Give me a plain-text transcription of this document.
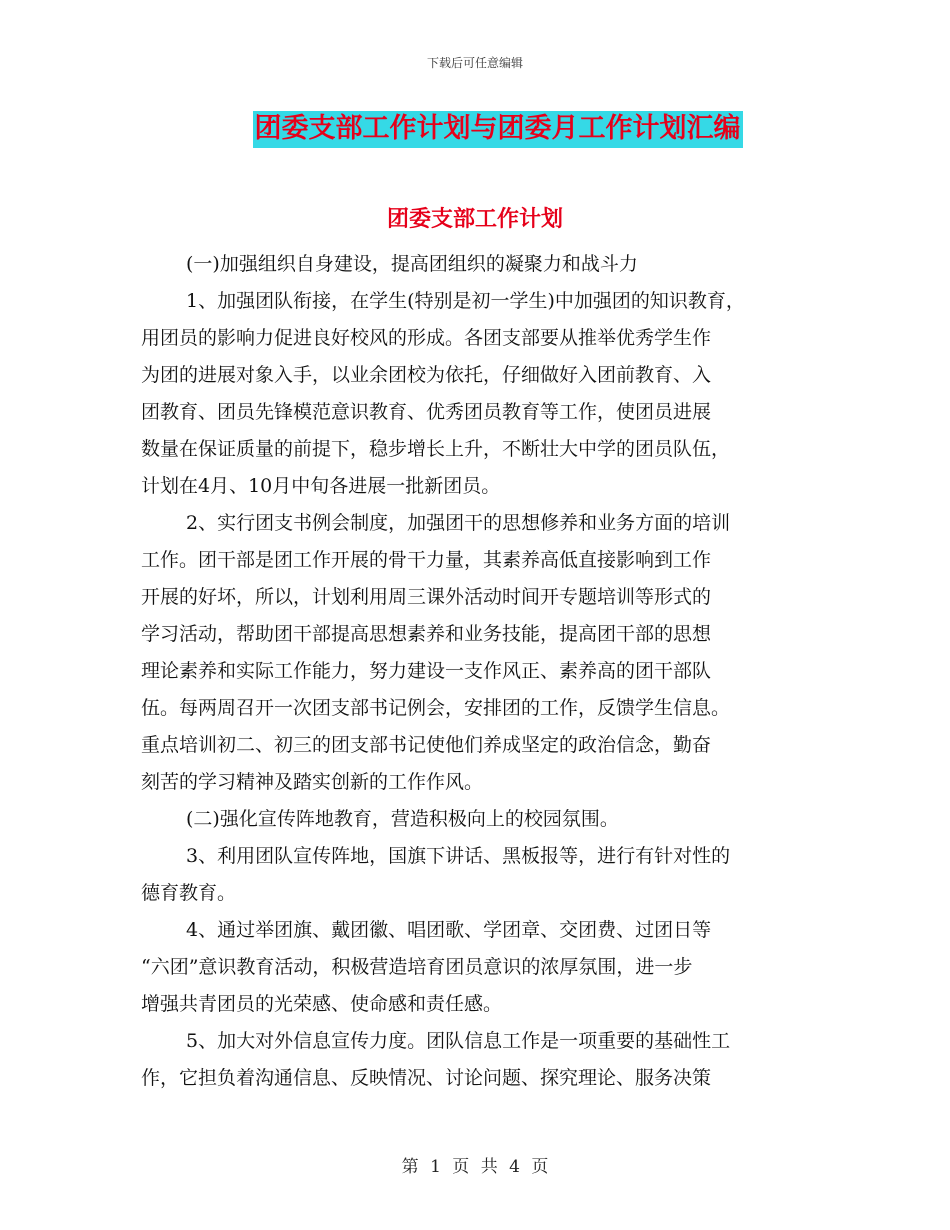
下载后可任意编辑
团委支部工作计划与团委月工作计划汇编
团委支部工作计划

(一)加强组织自身建设，提高团组织的凝聚力和战斗力

1、加强团队衔接，在学生(特别是初一学生)中加强团的知识教育，

用团员的影响力促进良好校风的形成。各团支部要从推举优秀学生作

为团的进展对象入手，以业余团校为依托，仔细做好入团前教育、入

团教育、团员先锋模范意识教育、优秀团员教育等工作，使团员进展

数量在保证质量的前提下，稳步增长上升，不断壮大中学的团员队伍，

计划在4月、10月中旬各进展一批新团员。

2、实行团支书例会制度，加强团干的思想修养和业务方面的培训

工作。团干部是团工作开展的骨干力量，其素养高低直接影响到工作

开展的好坏，所以，计划利用周三课外活动时间开专题培训等形式的

学习活动，帮助团干部提高思想素养和业务技能，提高团干部的思想

理论素养和实际工作能力，努力建设一支作风正、素养高的团干部队

伍。每两周召开一次团支部书记例会，安排团的工作，反馈学生信息。

重点培训初二、初三的团支部书记使他们养成坚定的政治信念，勤奋

刻苦的学习精神及踏实创新的工作作风。

(二)强化宣传阵地教育，营造积极向上的校园氛围。

3、利用团队宣传阵地，国旗下讲话、黑板报等，进行有针对性的

德育教育。

4、通过举团旗、戴团徽、唱团歌、学团章、交团费、过团日等

“六团”意识教育活动，积极营造培育团员意识的浓厚氛围，进一步

增强共青团员的光荣感、使命感和责任感。

5、加大对外信息宣传力度。团队信息工作是一项重要的基础性工

作，它担负着沟通信息、反映情况、讨论问题、探究理论、服务决策

第 1 页 共 4 页
